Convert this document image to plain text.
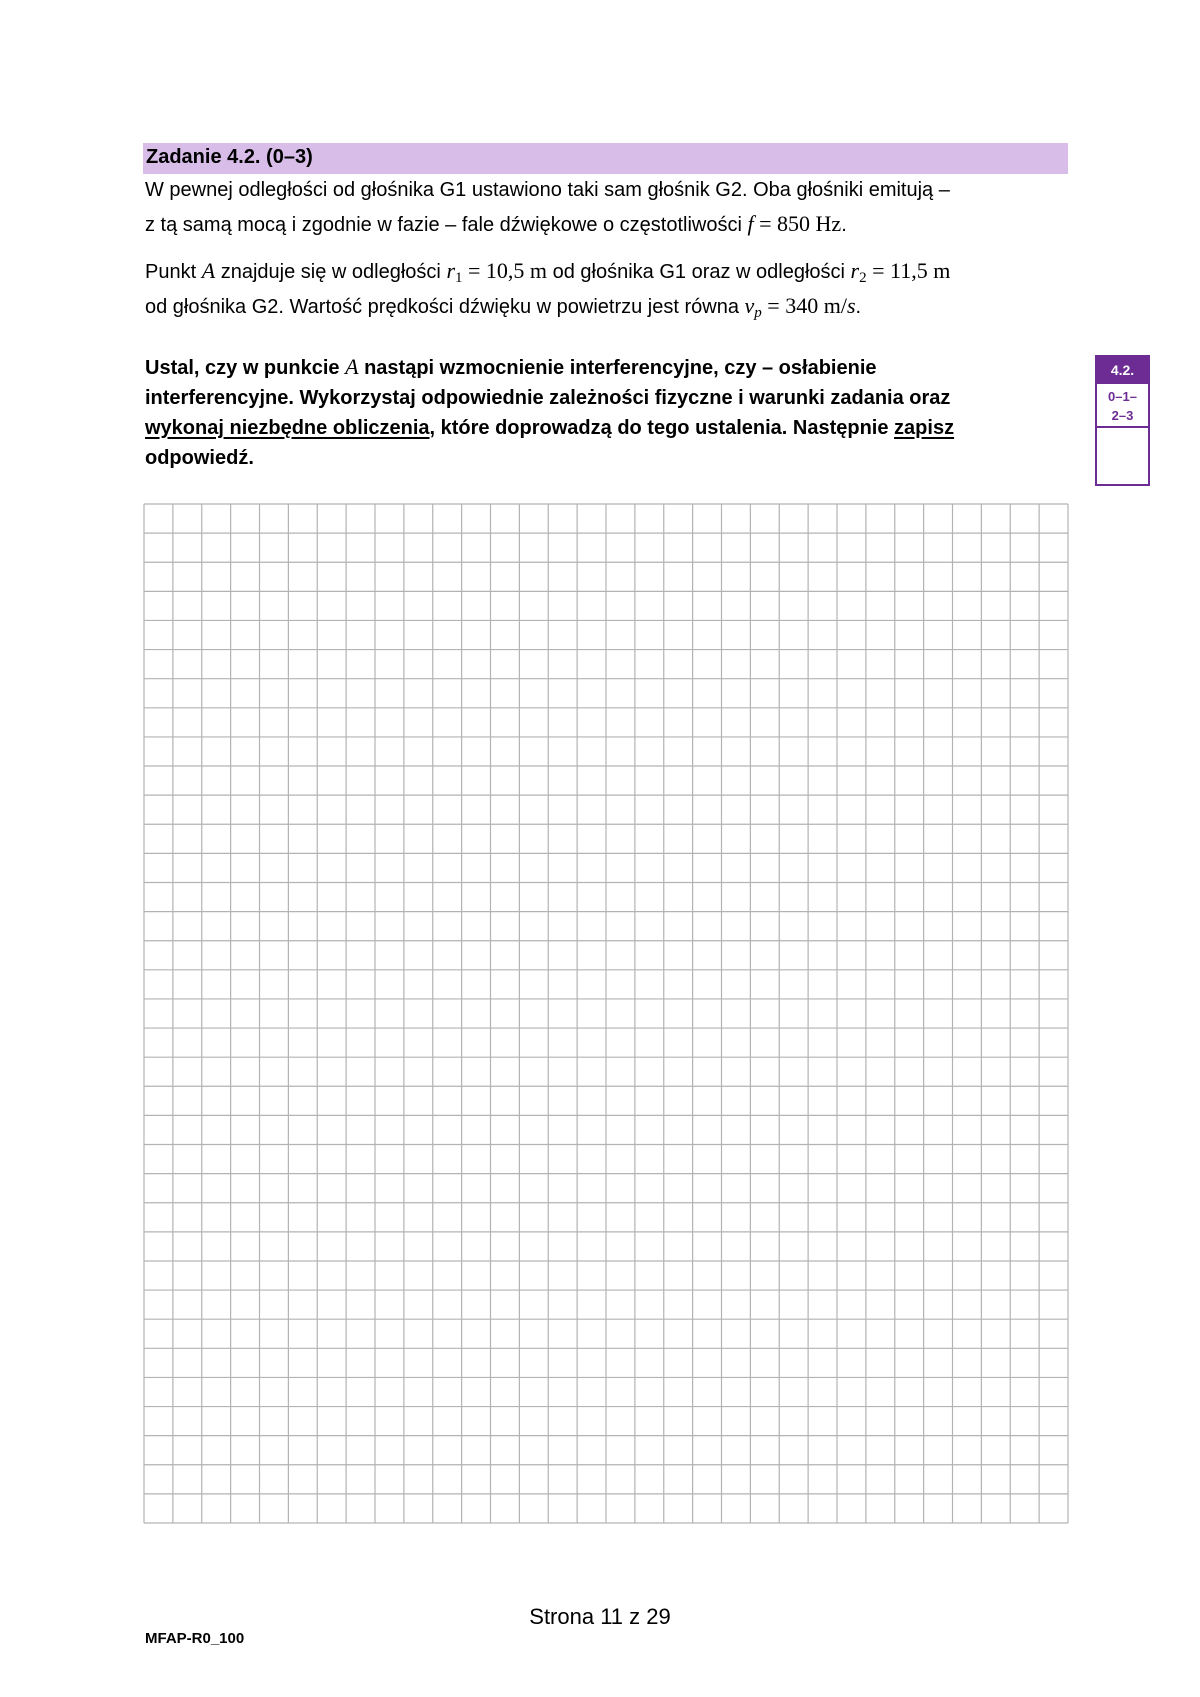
Zadanie 4.2. (0–3)
W pewnej odległości od głośnika G1 ustawiono taki sam głośnik G2. Oba głośniki emitują –
z tą samą mocą i zgodnie w fazie – fale dźwiękowe o częstotliwości f = 850 Hz.
Punkt A znajduje się w odległości $r_1 = 10,5$ m od głośnika G1 oraz w odległości $r_2 = 11,5$ m
od głośnika G2. Wartość prędkości dźwięku w powietrzu jest równa $v_p = 340$ m/s.
Ustal, czy w punkcie A nastąpi wzmocnienie interferencyjne, czy – osłabienie
interferencyjne. Wykorzystaj odpowiednie zależności fizyczne i warunki zadania oraz
wykonaj niezbędne obliczenia, które doprowadzą do tego ustalenia. Następnie zapisz
odpowiedź.
4.2.
0–1–
2–3
Strona 11 z 29
MFAP-R0_100
